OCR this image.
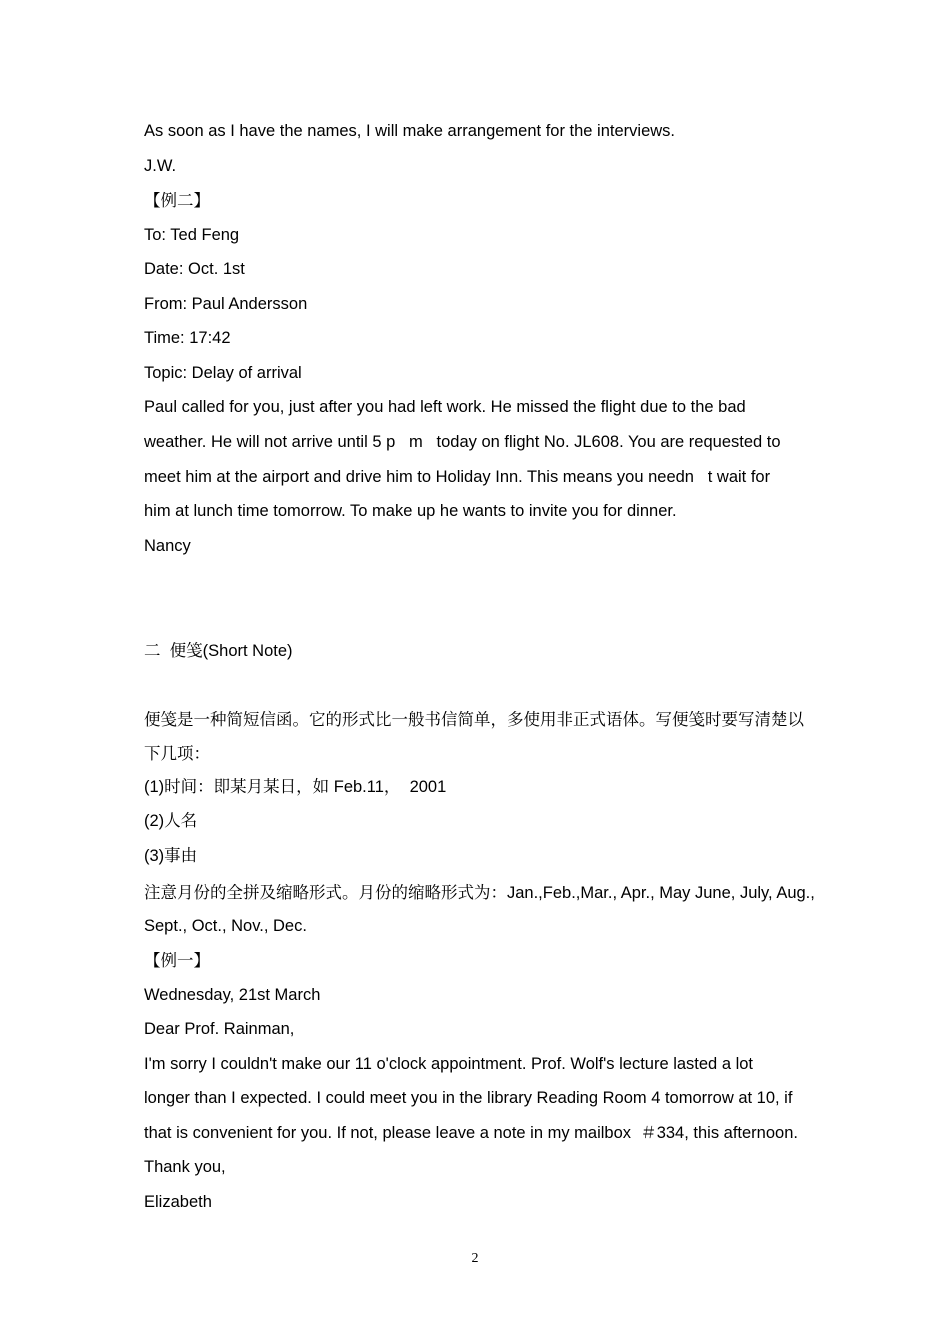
As soon as I have the names, I will make arrangement for the interviews.
J.W.
【例二】
To: Ted Feng
Date: Oct. 1st
From: Paul Andersson
Time: 17:42
Topic: Delay of arrival
Paul called for you, just after you had left work. He missed the flight due to the bad
weather. He will not arrive until 5 p   m   today on flight No. JL608. You are requested to
meet him at the airport and drive him to Holiday Inn. This means you needn   t wait for
him at lunch time tomorrow. To make up he wants to invite you for dinner.
Nancy
二  便笺(Short Note)
便笺是一种简短信函。它的形式比一般书信简单，多使用非正式语体。写便笺时要写清楚以
下几项：
(1)时间：即某月某日，如 Feb.11，  2001
(2)人名
(3)事由
注意月份的全拼及缩略形式。月份的缩略形式为：Jan.,Feb.,Mar., Apr., May June, July, Aug.,
Sept., Oct., Nov., Dec.
【例一】
Wednesday, 21st March
Dear Prof. Rainman,
I'm sorry I couldn't make our 11 o'clock appointment. Prof. Wolf's lecture lasted a lot
longer than I expected. I could meet you in the library Reading Room 4 tomorrow at 10, if
that is convenient for you. If not, please leave a note in my mailbox  ＃334, this afternoon.
Thank you,
Elizabeth
2
